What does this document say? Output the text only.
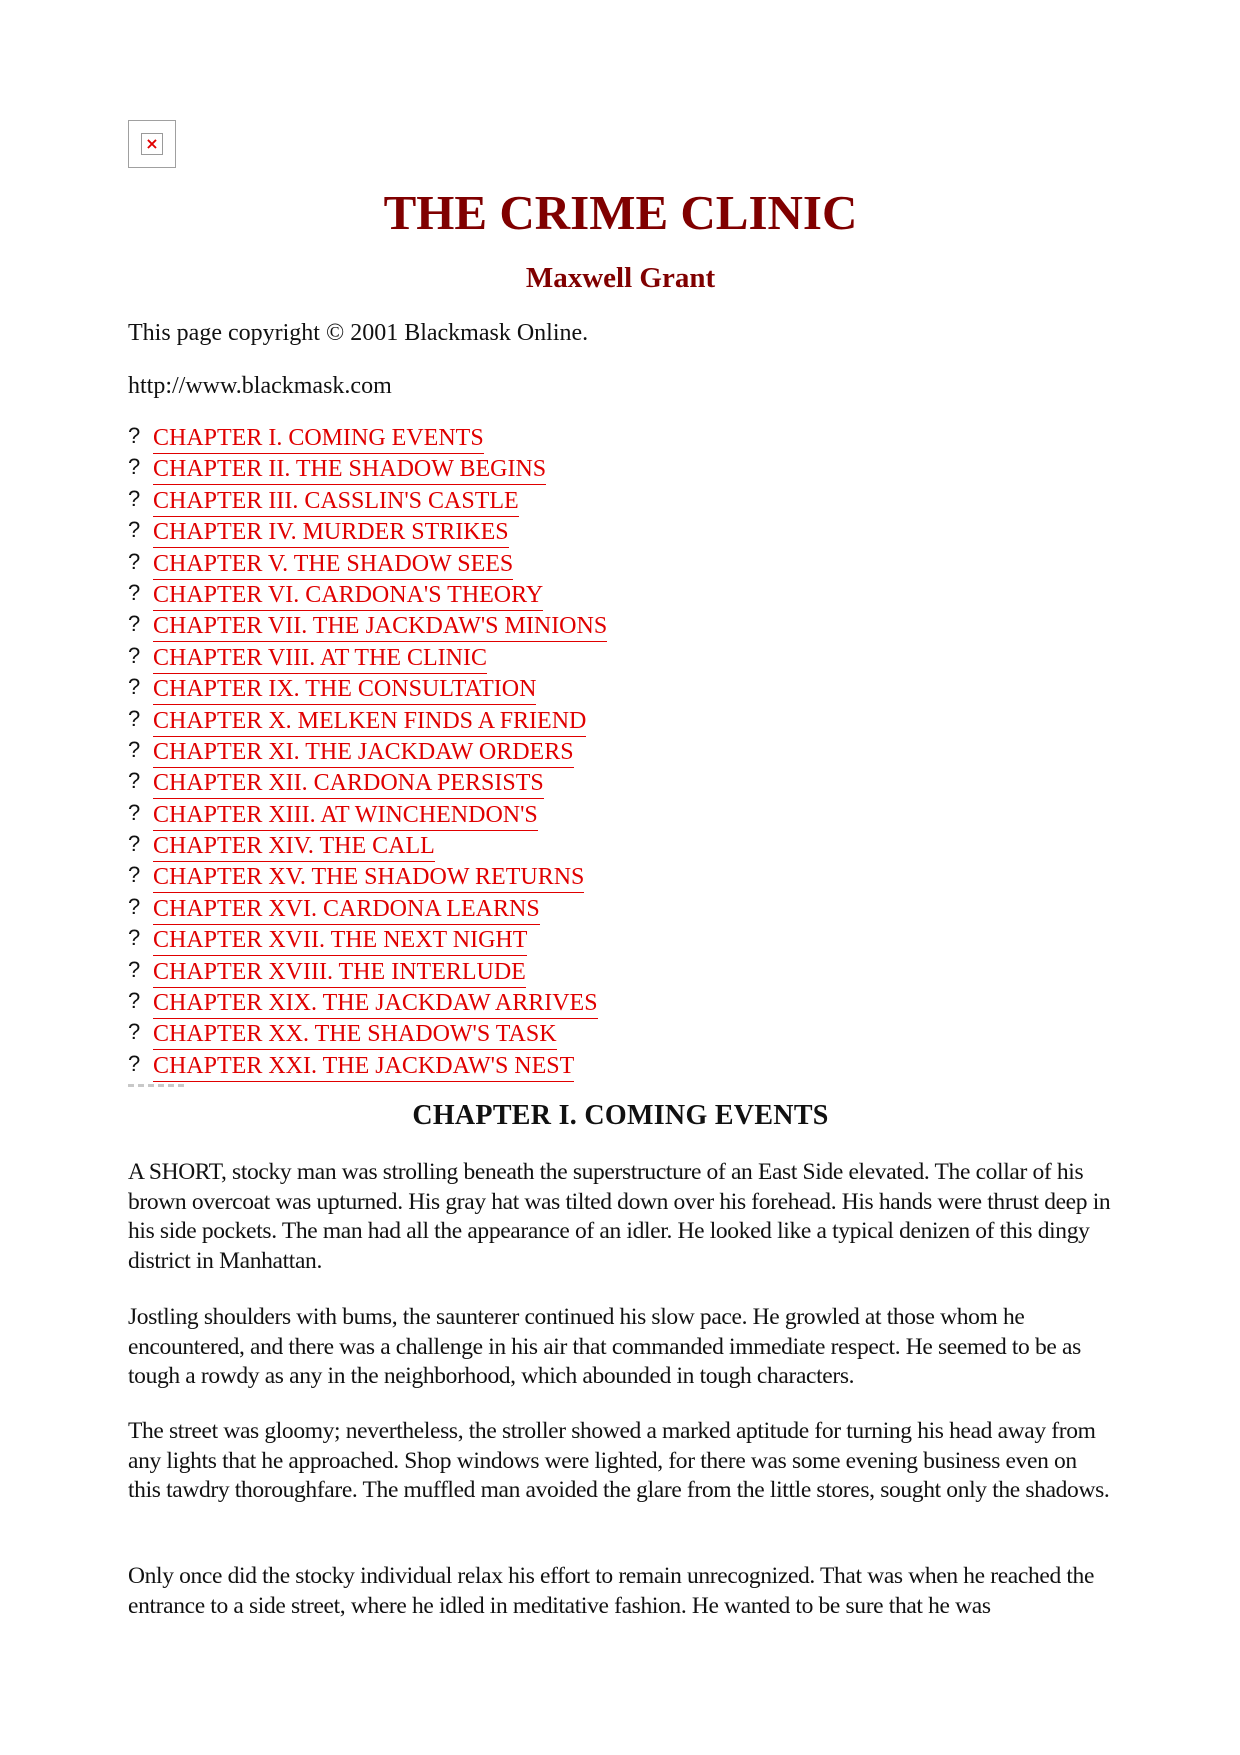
×
THE CRIME CLINIC
Maxwell Grant

This page copyright © 2001 Blackmask Online.

http://www.blackmask.com

? CHAPTER I. COMING EVENTS
? CHAPTER II. THE SHADOW BEGINS
? CHAPTER III. CASSLIN'S CASTLE
? CHAPTER IV. MURDER STRIKES
? CHAPTER V. THE SHADOW SEES
? CHAPTER VI. CARDONA'S THEORY
? CHAPTER VII. THE JACKDAW'S MINIONS
? CHAPTER VIII. AT THE CLINIC
? CHAPTER IX. THE CONSULTATION
? CHAPTER X. MELKEN FINDS A FRIEND
? CHAPTER XI. THE JACKDAW ORDERS
? CHAPTER XII. CARDONA PERSISTS
? CHAPTER XIII. AT WINCHENDON'S
? CHAPTER XIV. THE CALL
? CHAPTER XV. THE SHADOW RETURNS
? CHAPTER XVI. CARDONA LEARNS
? CHAPTER XVII. THE NEXT NIGHT
? CHAPTER XVIII. THE INTERLUDE
? CHAPTER XIX. THE JACKDAW ARRIVES
? CHAPTER XX. THE SHADOW'S TASK
? CHAPTER XXI. THE JACKDAW'S NEST
CHAPTER I. COMING EVENTS

A SHORT, stocky man was strolling beneath the superstructure of an East Side elevated. The collar of his brown overcoat was upturned. His gray hat was tilted down over his forehead. His hands were thrust deep in his side pockets. The man had all the appearance of an idler. He looked like a typical denizen of this dingy district in Manhattan.

Jostling shoulders with bums, the saunterer continued his slow pace. He growled at those whom he encountered, and there was a challenge in his air that commanded immediate respect. He seemed to be as tough a rowdy as any in the neighborhood, which abounded in tough characters.

The street was gloomy; nevertheless, the stroller showed a marked aptitude for turning his head away from any lights that he approached. Shop windows were lighted, for there was some evening business even on this tawdry thoroughfare. The muffled man avoided the glare from the little stores, sought only the shadows.

Only once did the stocky individual relax his effort to remain unrecognized. That was when he reached the entrance to a side street, where he idled in meditative fashion. He wanted to be sure that he was
